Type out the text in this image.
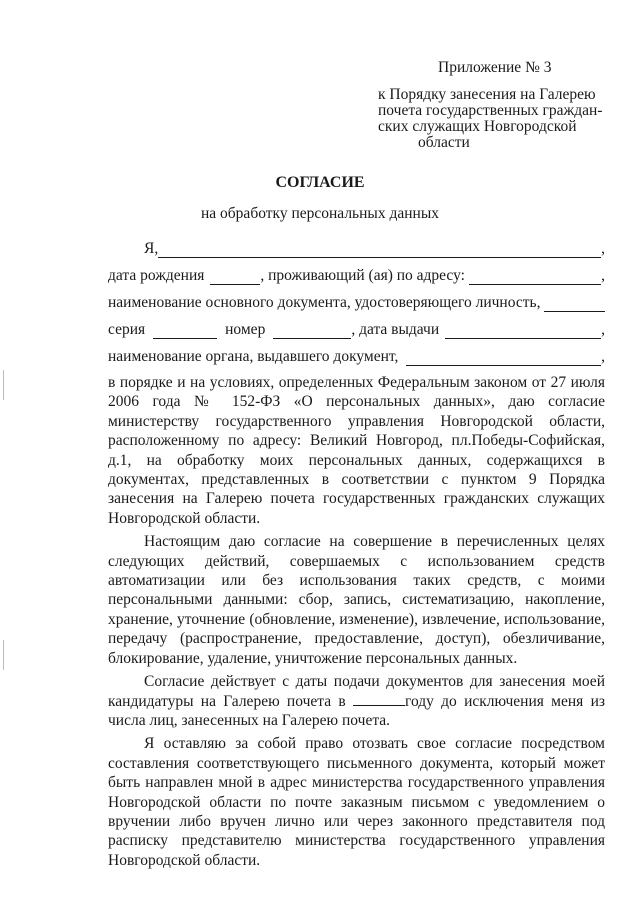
Приложение № 3
к Порядку занесения на Галерею
почета государственных граждан-
ских служащих Новгородской
области
СОГЛАСИЕ
на обработку персональных данных
Я,	,
дата рождения	, проживающий (ая) по адресу:	,
наименование основного документа, удостоверяющего личность,
серия	номер	, дата выдачи	,
наименование органа, выдавшего документ,	,

в порядке и на условиях, определенных Федеральным законом от 27 июля 2006 года № 152-ФЗ «О персональных данных», даю согласие министерству государственного управления Новгородской области, расположенному по адресу: Великий Новгород, пл.Победы-Софийская, д.1, на обработку моих персональных данных, содержащихся в документах, представленных в соответствии с пунктом 9 Порядка занесения на Галерею почета государственных гражданских служащих Новгородской области.

Настоящим даю согласие на совершение в перечисленных целях следующих действий, совершаемых с использованием средств автоматизации или без использования таких средств, с моими персональными данными: сбор, запись, систематизацию, накопление, хранение, уточнение (обновление, изменение), извлечение, использование, передачу (распространение, предоставление, доступ), обезличивание, блокирование, удаление, уничтожение персональных данных.

Согласие действует с даты подачи документов для занесения моей кандидатуры на Галерею почета в	году до исключения меня из числа лиц, занесенных на Галерею почета.

Я оставляю за собой право отозвать свое согласие посредством составления соответствующего письменного документа, который может быть направлен мной в адрес министерства государственного управления Новгородской области по почте заказным письмом с уведомлением о вручении либо вручен лично или через законного представителя под расписку представителю министерства государственного управления Новгородской области.
